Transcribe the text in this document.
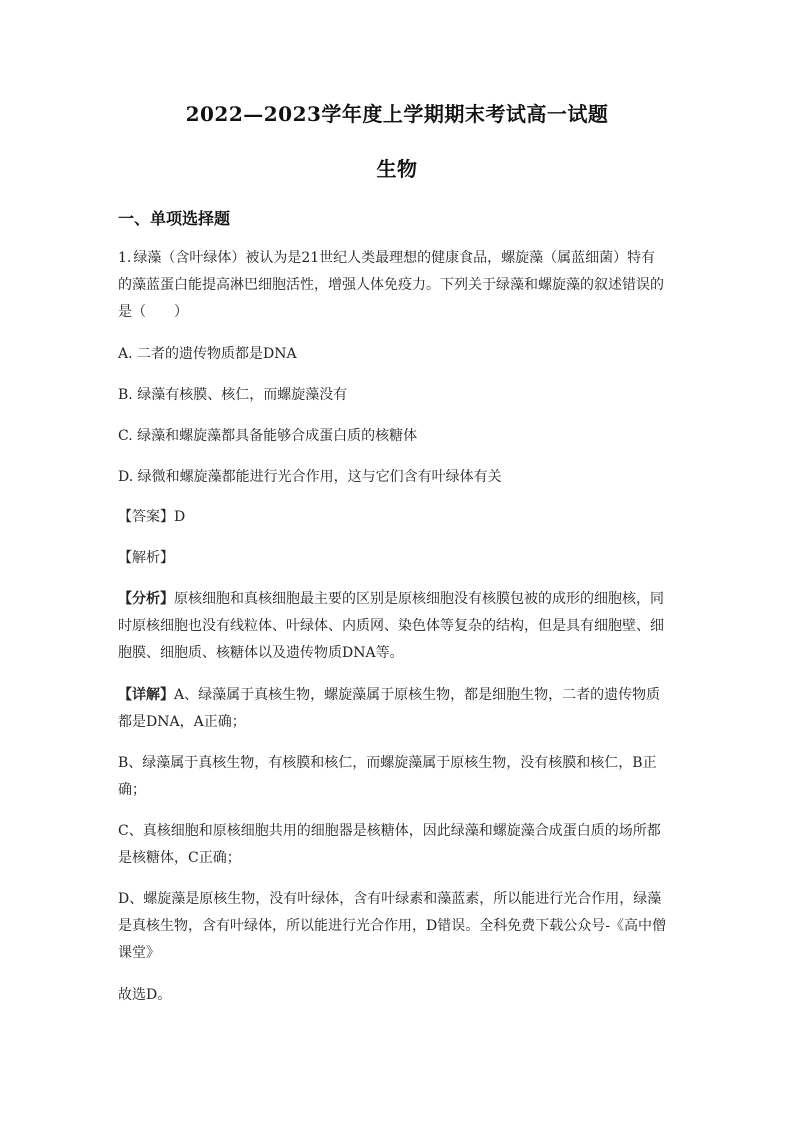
2022—2023学年度上学期期末考试高一试题
生物
一、单项选择题

1. 绿藻（含叶绿体）被认为是21世纪人类最理想的健康食品，螺旋藻（属蓝细菌）特有
的藻蓝蛋白能提高淋巴细胞活性，增强人体免疫力。下列关于绿藻和螺旋藻的叙述错误的
是（　　）

A. 二者的遗传物质都是DNA

B. 绿藻有核膜、核仁，而螺旋藻没有

C. 绿藻和螺旋藻都具备能够合成蛋白质的核糖体

D. 绿微和螺旋藻都能进行光合作用，这与它们含有叶绿体有关

【答案】D

【解析】

【分析】原核细胞和真核细胞最主要的区别是原核细胞没有核膜包被的成形的细胞核，同
时原核细胞也没有线粒体、叶绿体、内质网、染色体等复杂的结构，但是具有细胞壁、细
胞膜、细胞质、核糖体以及遗传物质DNA等。

【详解】A、绿藻属于真核生物，螺旋藻属于原核生物，都是细胞生物，二者的遗传物质
都是DNA，A正确；

B、绿藻属于真核生物，有核膜和核仁，而螺旋藻属于原核生物，没有核膜和核仁，B正
确；

C、真核细胞和原核细胞共用的细胞器是核糖体，因此绿藻和螺旋藻合成蛋白质的场所都
是核糖体，C正确；

D、螺旋藻是原核生物，没有叶绿体，含有叶绿素和藻蓝素，所以能进行光合作用，绿藻
是真核生物，含有叶绿体，所以能进行光合作用，D错误。全科免费下载公众号-《高中僧
课堂》

故选D。
